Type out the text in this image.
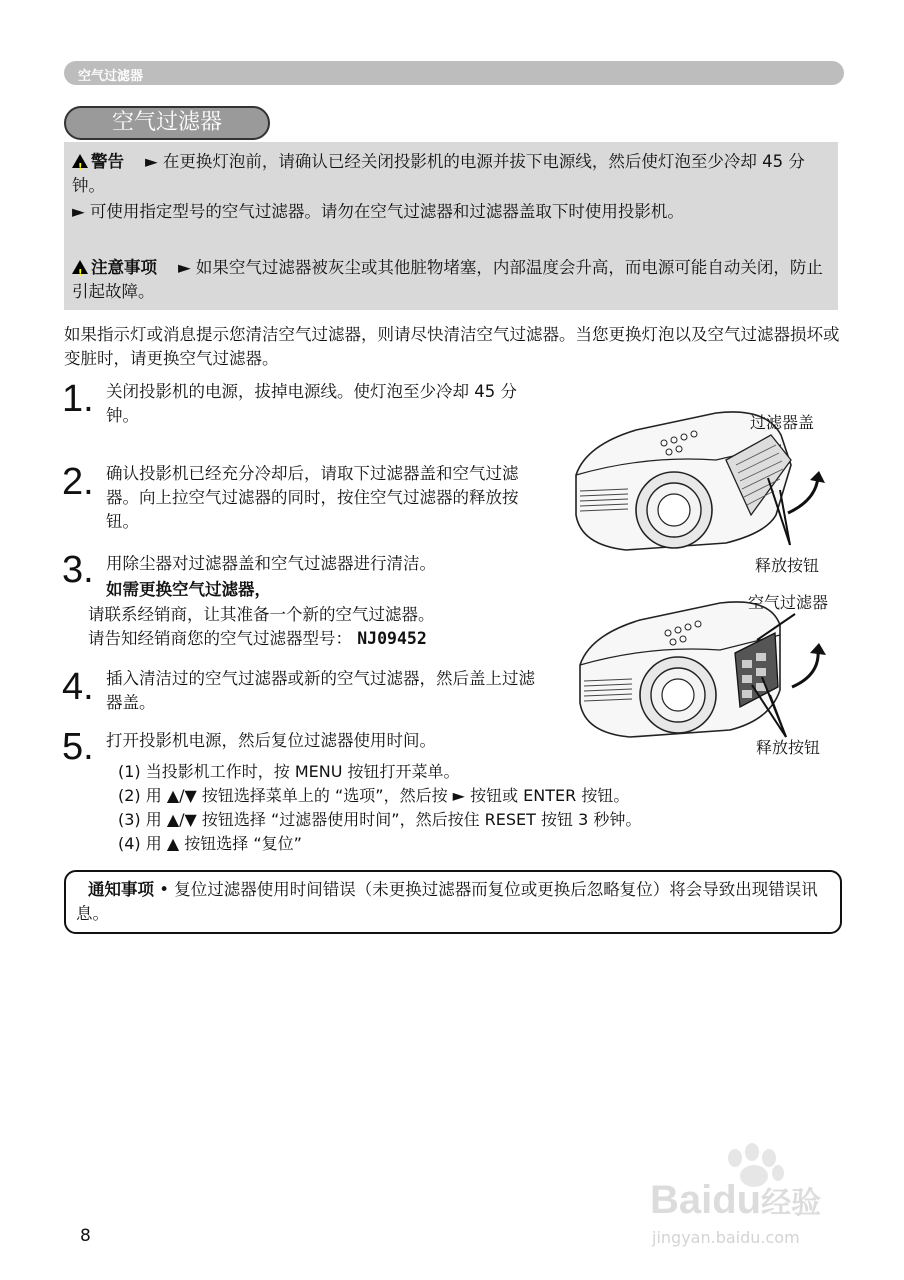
空气过滤器
空气过滤器
!警告 ► 在更换灯泡前，请确认已经关闭投影机的电源并拔下电源线，然后使灯泡至少冷却 45 分钟。
► 可使用指定型号的空气过滤器。请勿在空气过滤器和过滤器盖取下时使用投影机。
!注意事项 ► 如果空气过滤器被灰尘或其他脏物堵塞，内部温度会升高，而电源可能自动关闭，防止引起故障。
如果指示灯或消息提示您清洁空气过滤器，则请尽快清洁空气过滤器。当您更换灯泡以及空气过滤器损坏或变脏时，请更换空气过滤器。
1. 关闭投影机的电源，拔掉电源线。使灯泡至少冷却 45 分钟。
2. 确认投影机已经充分冷却后，请取下过滤器盖和空气过滤器。向上拉空气过滤器的同时，按住空气过滤器的释放按钮。
3. 用除尘器对过滤器盖和空气过滤器进行清洁。
如需更换空气过滤器，
请联系经销商，让其准备一个新的空气过滤器。
请告知经销商您的空气过滤器型号： NJ09452
4. 插入清洁过的空气过滤器或新的空气过滤器，然后盖上过滤器盖。
5. 打开投影机电源，然后复位过滤器使用时间。
(1) 当投影机工作时，按 MENU 按钮打开菜单。
(2) 用 ▲/▼ 按钮选择菜单上的 “选项”，然后按 ► 按钮或 ENTER 按钮。
(3) 用 ▲/▼ 按钮选择 “过滤器使用时间”，然后按住 RESET 按钮 3 秒钟。
(4) 用 ▲ 按钮选择 “复位”
通知事项 • 复位过滤器使用时间错误（未更换过滤器而复位或更换后忽略复位）将会导致出现错误讯息。
过滤器盖
释放按钮
空气过滤器
释放按钮
Baidu经验
jingyan.baidu.com
8
